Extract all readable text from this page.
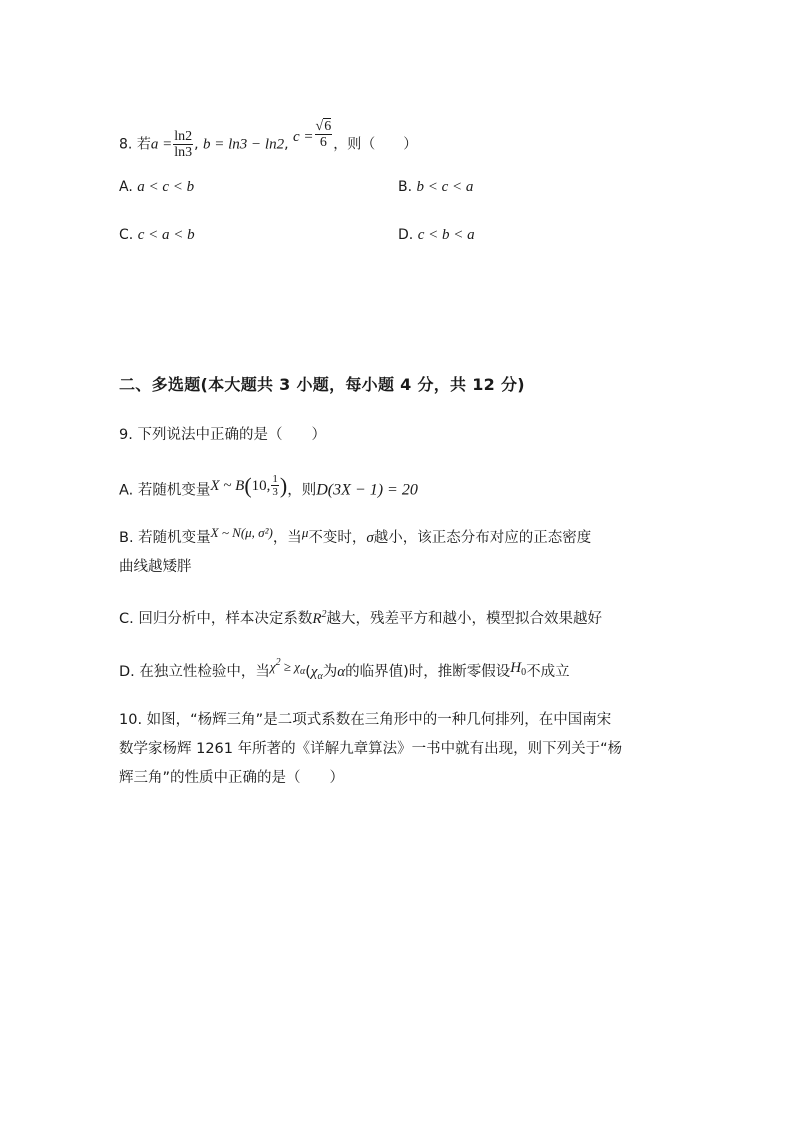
8. 若$a = \frac{\ln 2}{\ln 3}$ , b = ln3 − ln2, $c = \frac{√6}{6}$ ，则（　　）
A. a < c < b	B. b < c < a
C. c < a < b	D. c < b < a
二、多选题(本大题共 3 小题，每小题 4 分，共 12 分)
9. 下列说法中正确的是（　　）
A. 若随机变量X ~ B(10, $\frac{1}{3}$ )，则D(3X − 1) = 20
B. 若随机变量X ~ N(μ, σ²)，当μ不变时，σ越小，该正态分布对应的正态密度
曲线越矮胖
C. 回归分析中，样本决定系数$R^2$越大，残差平方和越小，模型拟合效果越好
D. 在独立性检验中，当$\chi^2 \ge \chi_\alpha(\chi_\alpha$为α的临界值)时，推断零假设$H_0$不成立
10. 如图，“杨辉三角”是二项式系数在三角形中的一种几何排列，在中国南宋
数学家杨辉 1261 年所著的《详解九章算法》一书中就有出现，则下列关于“杨
辉三角”的性质中正确的是（　　）
